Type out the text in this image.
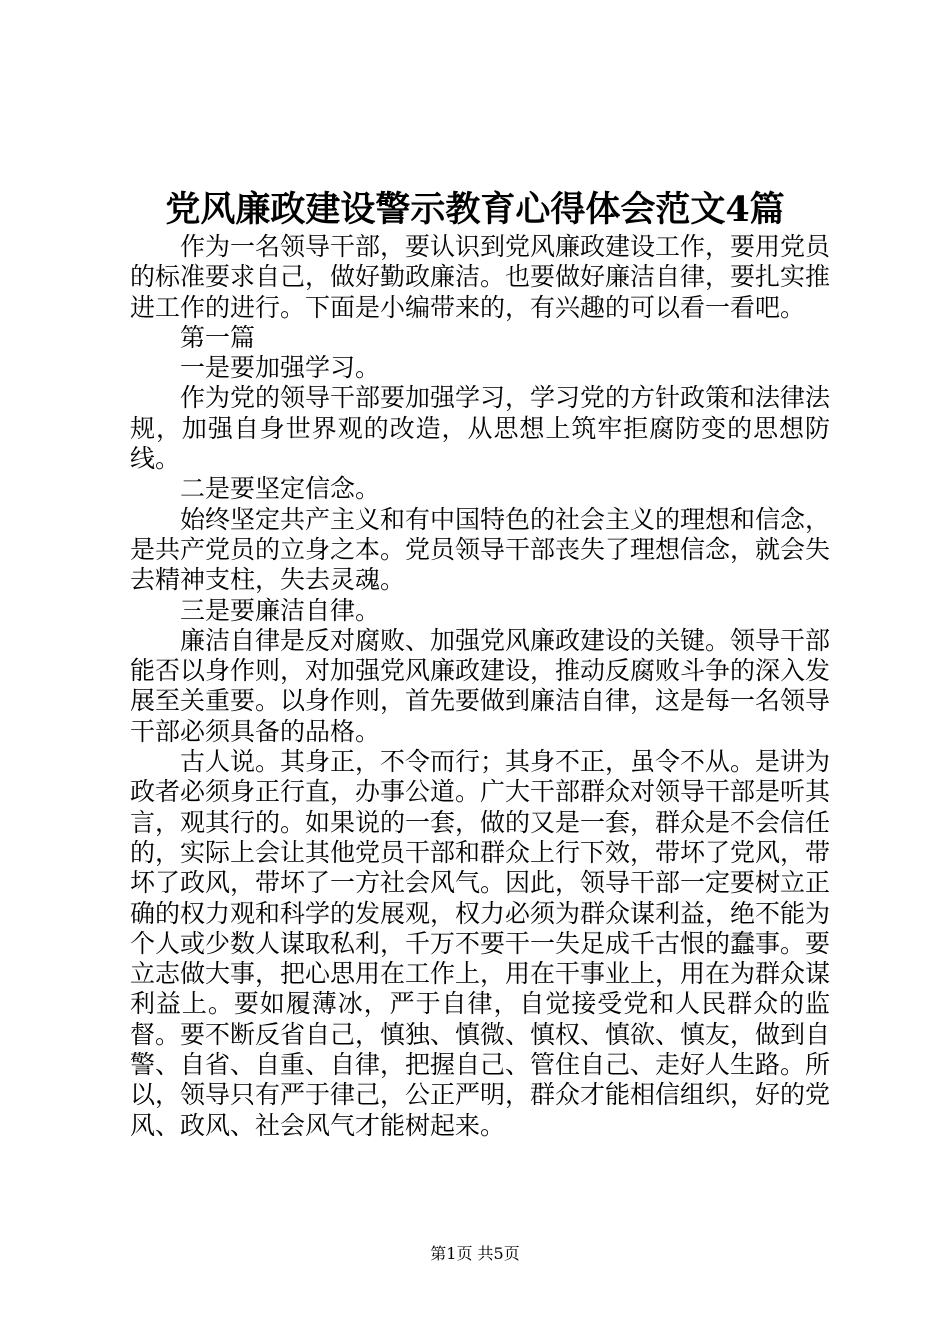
党风廉政建设警示教育心得体会范文4篇

作为一名领导干部，要认识到党风廉政建设工作，要用党员的标准要求自己，做好勤政廉洁。也要做好廉洁自律，要扎实推进工作的进行。下面是小编带来的，有兴趣的可以看一看吧。

第一篇

一是要加强学习。

作为党的领导干部要加强学习，学习党的方针政策和法律法规，加强自身世界观的改造，从思想上筑牢拒腐防变的思想防线。

二是要坚定信念。

始终坚定共产主义和有中国特色的社会主义的理想和信念，是共产党员的立身之本。党员领导干部丧失了理想信念，就会失去精神支柱，失去灵魂。

三是要廉洁自律。

廉洁自律是反对腐败、加强党风廉政建设的关键。领导干部能否以身作则，对加强党风廉政建设，推动反腐败斗争的深入发展至关重要。以身作则，首先要做到廉洁自律，这是每一名领导干部必须具备的品格。

古人说。其身正，不令而行；其身不正，虽令不从。是讲为政者必须身正行直，办事公道。广大干部群众对领导干部是听其言，观其行的。如果说的一套，做的又是一套，群众是不会信任的，实际上会让其他党员干部和群众上行下效，带坏了党风，带坏了政风，带坏了一方社会风气。因此，领导干部一定要树立正确的权力观和科学的发展观，权力必须为群众谋利益，绝不能为个人或少数人谋取私利，千万不要干一失足成千古恨的蠢事。要立志做大事，把心思用在工作上，用在干事业上，用在为群众谋利益上。要如履薄冰，严于自律，自觉接受党和人民群众的监督。要不断反省自己，慎独、慎微、慎权、慎欲、慎友，做到自警、自省、自重、自律，把握自己、管住自己、走好人生路。所以，领导只有严于律己，公正严明，群众才能相信组织，好的党风、政风、社会风气才能树起来。

第1页 共5页
